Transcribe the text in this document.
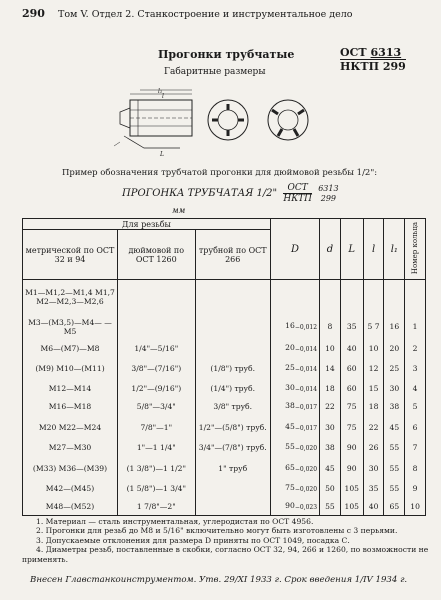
290 Том V. Отдел 2. Станкостроение и инструментальное дело
Прогонки трубчатые
Габаритные размеры
ОСТ 6313
НКТП 299
l₁
l
L
Пример обозначения трубчатой прогонки для дюймовой резьбы 1/2":
ПРОГОНКА ТРУБЧАТАЯ 1/2" $\frac{\text{ОСТ}}{\text{НКТП}}$
6313
299
мм
Для резьбы			D	d	L	l	l₁	Номер кольца
метрической по ОСТ 32 и 94	дюймовой по ОСТ 1260	трубной по ОСТ 266						
M1—M1,2—M1,4 M1,7 M2—M2,3—M2,6								
M3—(M3,5)—M4— —M5			16−0,012	8	35	5 7	16	1
M6—(M7)—M8	1/4"—5/16"		20−0,014	10	40	10	20	2
(M9) M10—(M11)	3/8"—(7/16")	(1/8") труб.	25−0,014	14	60	12	25	3
M12—M14	1/2"—(9/16")	(1/4") труб.	30−0,014	18	60	15	30	4
M16—M18	5/8"—3/4"	3/8" труб.	38−0,017	22	75	18	38	5
M20 M22—M24	7/8"—1"	1/2"—(5/8") труб.	45−0,017	30	75	22	45	6
M27—M30	1"—1 1/4"	3/4"—(7/8") труб.	55−0,020	38	90	26	55	7
(M33) M36—(M39)	(1 3/8")—1 1/2"	1" труб	65−0,020	45	90	30	55	8
M42—(M45)	(1 5/8")—1 3/4"		75−0,020	50	105	35	55	9
M48—(M52)	1 7/8"—2"		90−0,023	55	105	40	65	10
1. Материал — сталь инструментальная, углеродистая по ОСТ 4956.
2. Прогонки для резьб до М8 и 5/16" включительно могут быть изготовлены с 3 перьями.
3. Допускаемые отклонения для размера D приняты по ОСТ 1049, посадка С.
4. Диаметры резьб, поставленные в скобки, согласно ОСТ 32, 94, 266 и 1260, по возможности не применять.
Внесен Главстанкоинструментом. Утв. 29/XI 1933 г. Срок введения 1/IV 1934 г.
